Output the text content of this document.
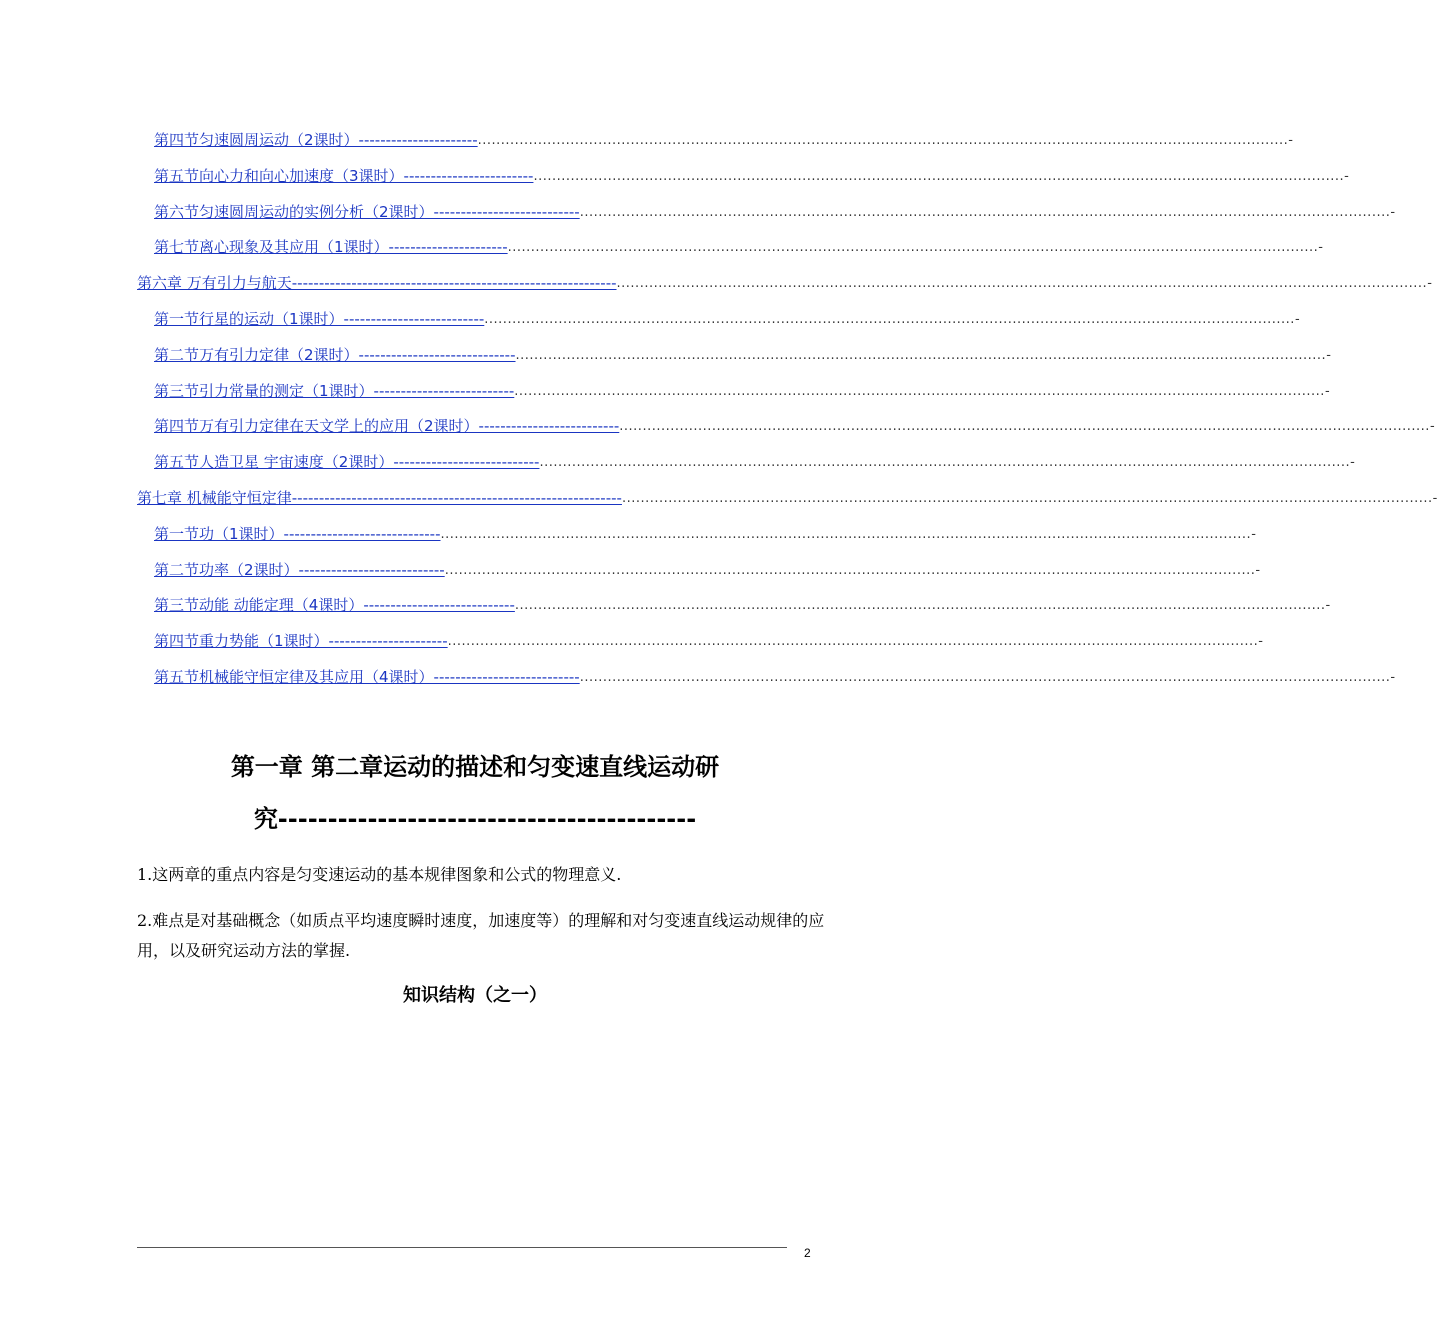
第四节匀速圆周运动（2课时）---------------------- ............................................................................................................................................................................... -
第五节向心力和向心加速度（3课时）------------------------ ............................................................................................................................................................................... -
第六节匀速圆周运动的实例分析（2课时）--------------------------- ............................................................................................................................................................................... -
第七节离心现象及其应用（1课时）---------------------- ............................................................................................................................................................................... -
第六章 万有引力与航天------------------------------------------------------------ ............................................................................................................................................................................... -
第一节行星的运动（1课时）-------------------------- ............................................................................................................................................................................... -
第二节万有引力定律（2课时）----------------------------- ............................................................................................................................................................................... -
第三节引力常量的测定（1课时）-------------------------- ............................................................................................................................................................................... -
第四节万有引力定律在天文学上的应用（2课时）-------------------------- ............................................................................................................................................................................... -
第五节人造卫星 宇宙速度（2课时）--------------------------- ............................................................................................................................................................................... -
第七章 机械能守恒定律------------------------------------------------------------- ............................................................................................................................................................................... -
第一节功（1课时）----------------------------- ............................................................................................................................................................................... -
第二节功率（2课时）--------------------------- ............................................................................................................................................................................... -
第三节动能 动能定理（4课时）---------------------------- ............................................................................................................................................................................... -
第四节重力势能（1课时）---------------------- ............................................................................................................................................................................... -
第五节机械能守恒定律及其应用（4课时）--------------------------- ............................................................................................................................................................................... -
第一章 第二章运动的描述和匀变速直线运动研
究------------------------------------------
1.这两章的重点内容是匀变速运动的基本规律图象和公式的物理意义.
2.难点是对基础概念（如质点平均速度瞬时速度，加速度等）的理解和对匀变速直线运动规律的应用，以及研究运动方法的掌握.
知识结构（之一）
2
